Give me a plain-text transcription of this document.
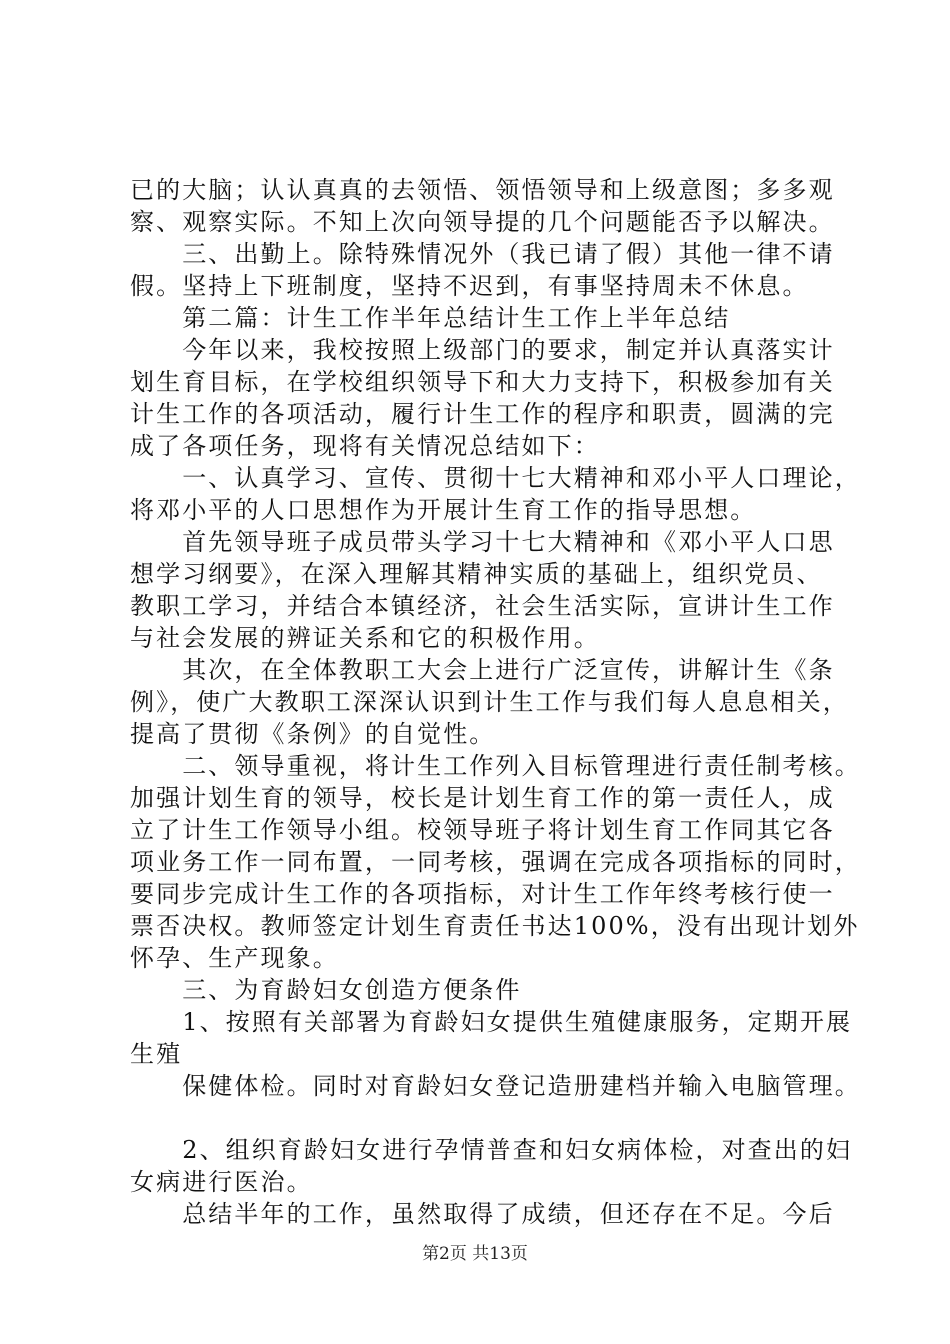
已的大脑；认认真真的去领悟、领悟领导和上级意图；多多观
察、观察实际。不知上次向领导提的几个问题能否予以解决。
　　三、出勤上。除特殊情况外（我已请了假）其他一律不请
假。坚持上下班制度，坚持不迟到，有事坚持周未不休息。
　　第二篇：计生工作半年总结计生工作上半年总结
　　今年以来，我校按照上级部门的要求，制定并认真落实计
划生育目标，在学校组织领导下和大力支持下，积极参加有关
计生工作的各项活动，履行计生工作的程序和职责，圆满的完
成了各项任务，现将有关情况总结如下：
　　一、认真学习、宣传、贯彻十七大精神和邓小平人口理论，
将邓小平的人口思想作为开展计生育工作的指导思想。
　　首先领导班子成员带头学习十七大精神和《邓小平人口思
想学习纲要》，在深入理解其精神实质的基础上，组织党员、
教职工学习，并结合本镇经济，社会生活实际，宣讲计生工作
与社会发展的辨证关系和它的积极作用。
　　其次，在全体教职工大会上进行广泛宣传，讲解计生《条
例》，使广大教职工深深认识到计生工作与我们每人息息相关，
提高了贯彻《条例》的自觉性。
　　二、领导重视，将计生工作列入目标管理进行责任制考核。
加强计划生育的领导，校长是计划生育工作的第一责任人，成
立了计生工作领导小组。校领导班子将计划生育工作同其它各
项业务工作一同布置，一同考核，强调在完成各项指标的同时，
要同步完成计生工作的各项指标，对计生工作年终考核行使一
票否决权。教师签定计划生育责任书达100%，没有出现计划外
怀孕、生产现象。
　　三、为育龄妇女创造方便条件
　　1、按照有关部署为育龄妇女提供生殖健康服务，定期开展
生殖
　　保健体检。同时对育龄妇女登记造册建档并输入电脑管理。
　　2、组织育龄妇女进行孕情普查和妇女病体检，对查出的妇
女病进行医治。
　　总结半年的工作，虽然取得了成绩，但还存在不足。今后
第2页 共13页
